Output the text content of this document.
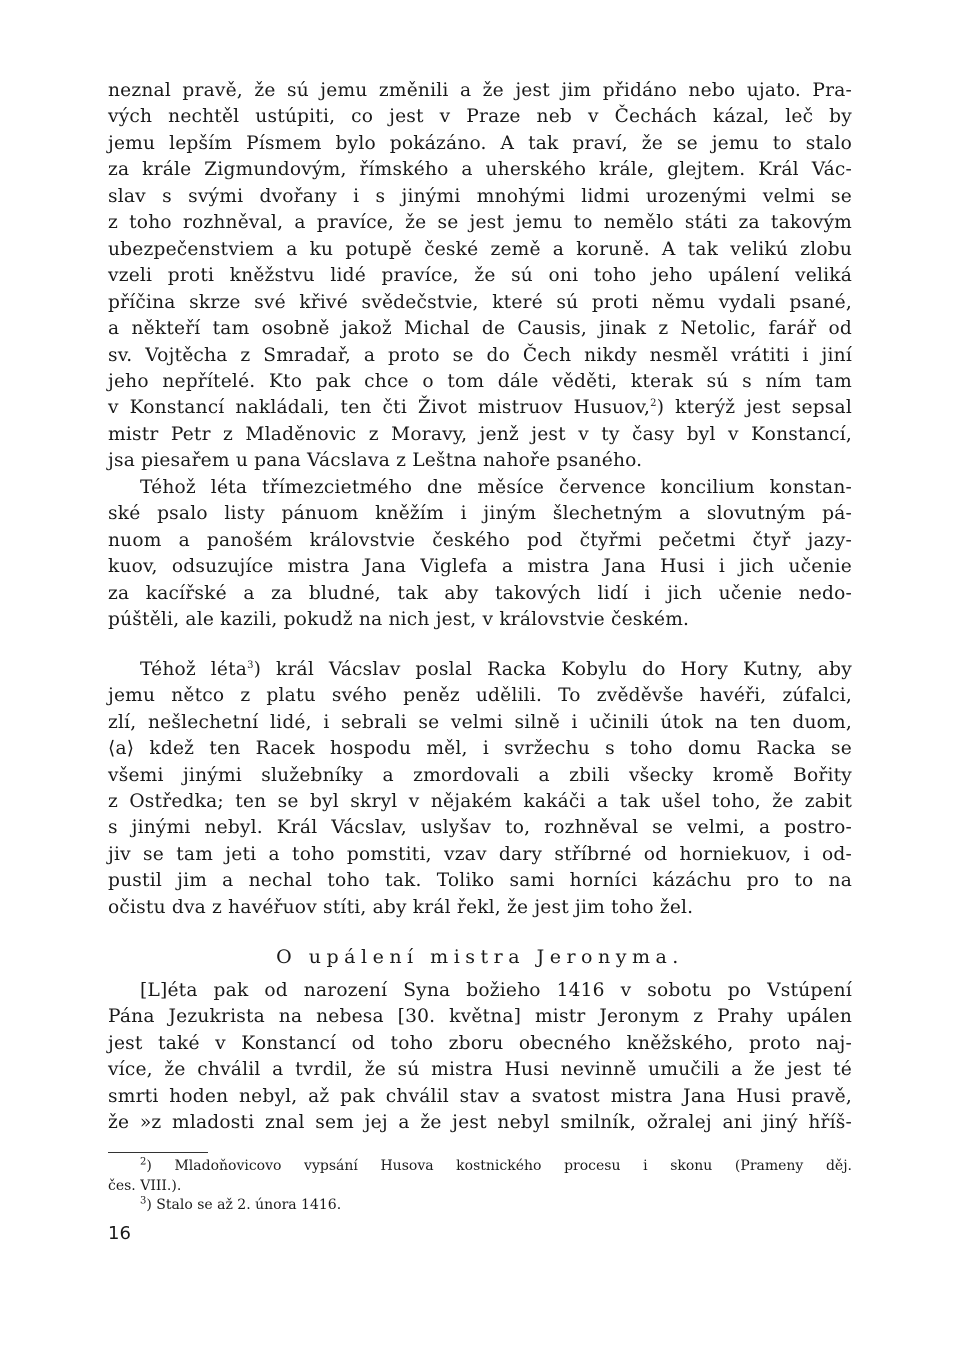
neznal pravě, že sú jemu změnili a že jest jim přidáno nebo ujato. Pra-
vých nechtěl ustúpiti, co jest v Praze neb v Čechách kázal, leč by
jemu lepším Písmem bylo pokázáno. A tak praví, že se jemu to stalo
za krále Zigmundovým, římského a uherského krále, glejtem. Král Vác-
slav s svými dvořany i s jinými mnohými lidmi urozenými velmi se
z toho rozhněval, a pravíce, že se jest jemu to nemělo státi za takovým
ubezpečenstviem a ku potupě české země a koruně. A tak velikú zlobu
vzeli proti kněžstvu lidé pravíce, že sú oni toho jeho upálení veliká
příčina skrze své křivé svědečstvie, které sú proti němu vydali psané,
a někteří tam osobně jakož Michal de Causis, jinak z Netolic, farář od
sv. Vojtěcha z Smradař, a proto se do Čech nikdy nesměl vrátiti i jiní
jeho nepřítelé. Kto pak chce o tom dále věděti, kterak sú s ním tam
v Konstancí nakládali, ten čti Život mistruov Husuov,$^2$) kterýž jest sepsal
mistr Petr z Mladěnovic z Moravy, jenž jest v ty časy byl v Konstancí,
jsa piesařem u pana Vácslava z Leštna nahoře psaného.
Téhož léta třímezcietmého dne měsíce července koncilium konstan-
ské psalo listy pánuom kněžím i jiným šlechetným a slovutným pá-
nuom a panošém královstvie českého pod čtyřmi pečetmi čtyř jazy-
kuov, odsuzujíce mistra Jana Viglefa a mistra Jana Husi i jich učenie
za kacířské a za bludné, tak aby takových lidí i jich učenie nedo-
púštěli, ale kazili, pokudž na nich jest, v královstvie českém.
Téhož léta$^3$) král Vácslav poslal Racka Kobylu do Hory Kutny, aby
jemu nětco z platu svého peněz udělili. To zvěděvše havéři, zúfalci,
zlí, nešlechetní lidé, i sebrali se velmi silně i učinili útok na ten duom,
⟨a⟩ kdež ten Racek hospodu měl, i svržechu s toho domu Racka se
všemi jinými služebníky a zmordovali a zbili všecky kromě Bořity
z Ostředka; ten se byl skryl v nějakém kakáči a tak ušel toho, že zabit
s jinými nebyl. Král Vácslav, uslyšav to, rozhněval se velmi, a postro-
jiv se tam jeti a toho pomstiti, vzav dary stříbrné od horniekuov, i od-
pustil jim a nechal toho tak. Toliko sami horníci kázáchu pro to na
očistu dva z havéřuov stíti, aby král řekl, že jest jim toho žel.
O upálení mistra Jeronyma.
[L]éta pak od narození Syna božieho 1416 v sobotu po Vstúpení
Pána Jezukrista na nebesa [30. května] mistr Jeronym z Prahy upálen
jest také v Konstancí od toho zboru obecného kněžského, proto naj-
více, že chválil a tvrdil, že sú mistra Husi nevinně umučili a že jest té
smrti hoden nebyl, až pak chválil stav a svatost mistra Jana Husi pravě,
že »z mladosti znal sem jej a že jest nebyl smilník, ožralej ani jiný hříš-
$^2$) Mladoňovicovo vypsání Husova kostnického procesu i skonu (Prameny děj.
čes. VIII.).
$^3$) Stalo se až 2. února 1416.
16
